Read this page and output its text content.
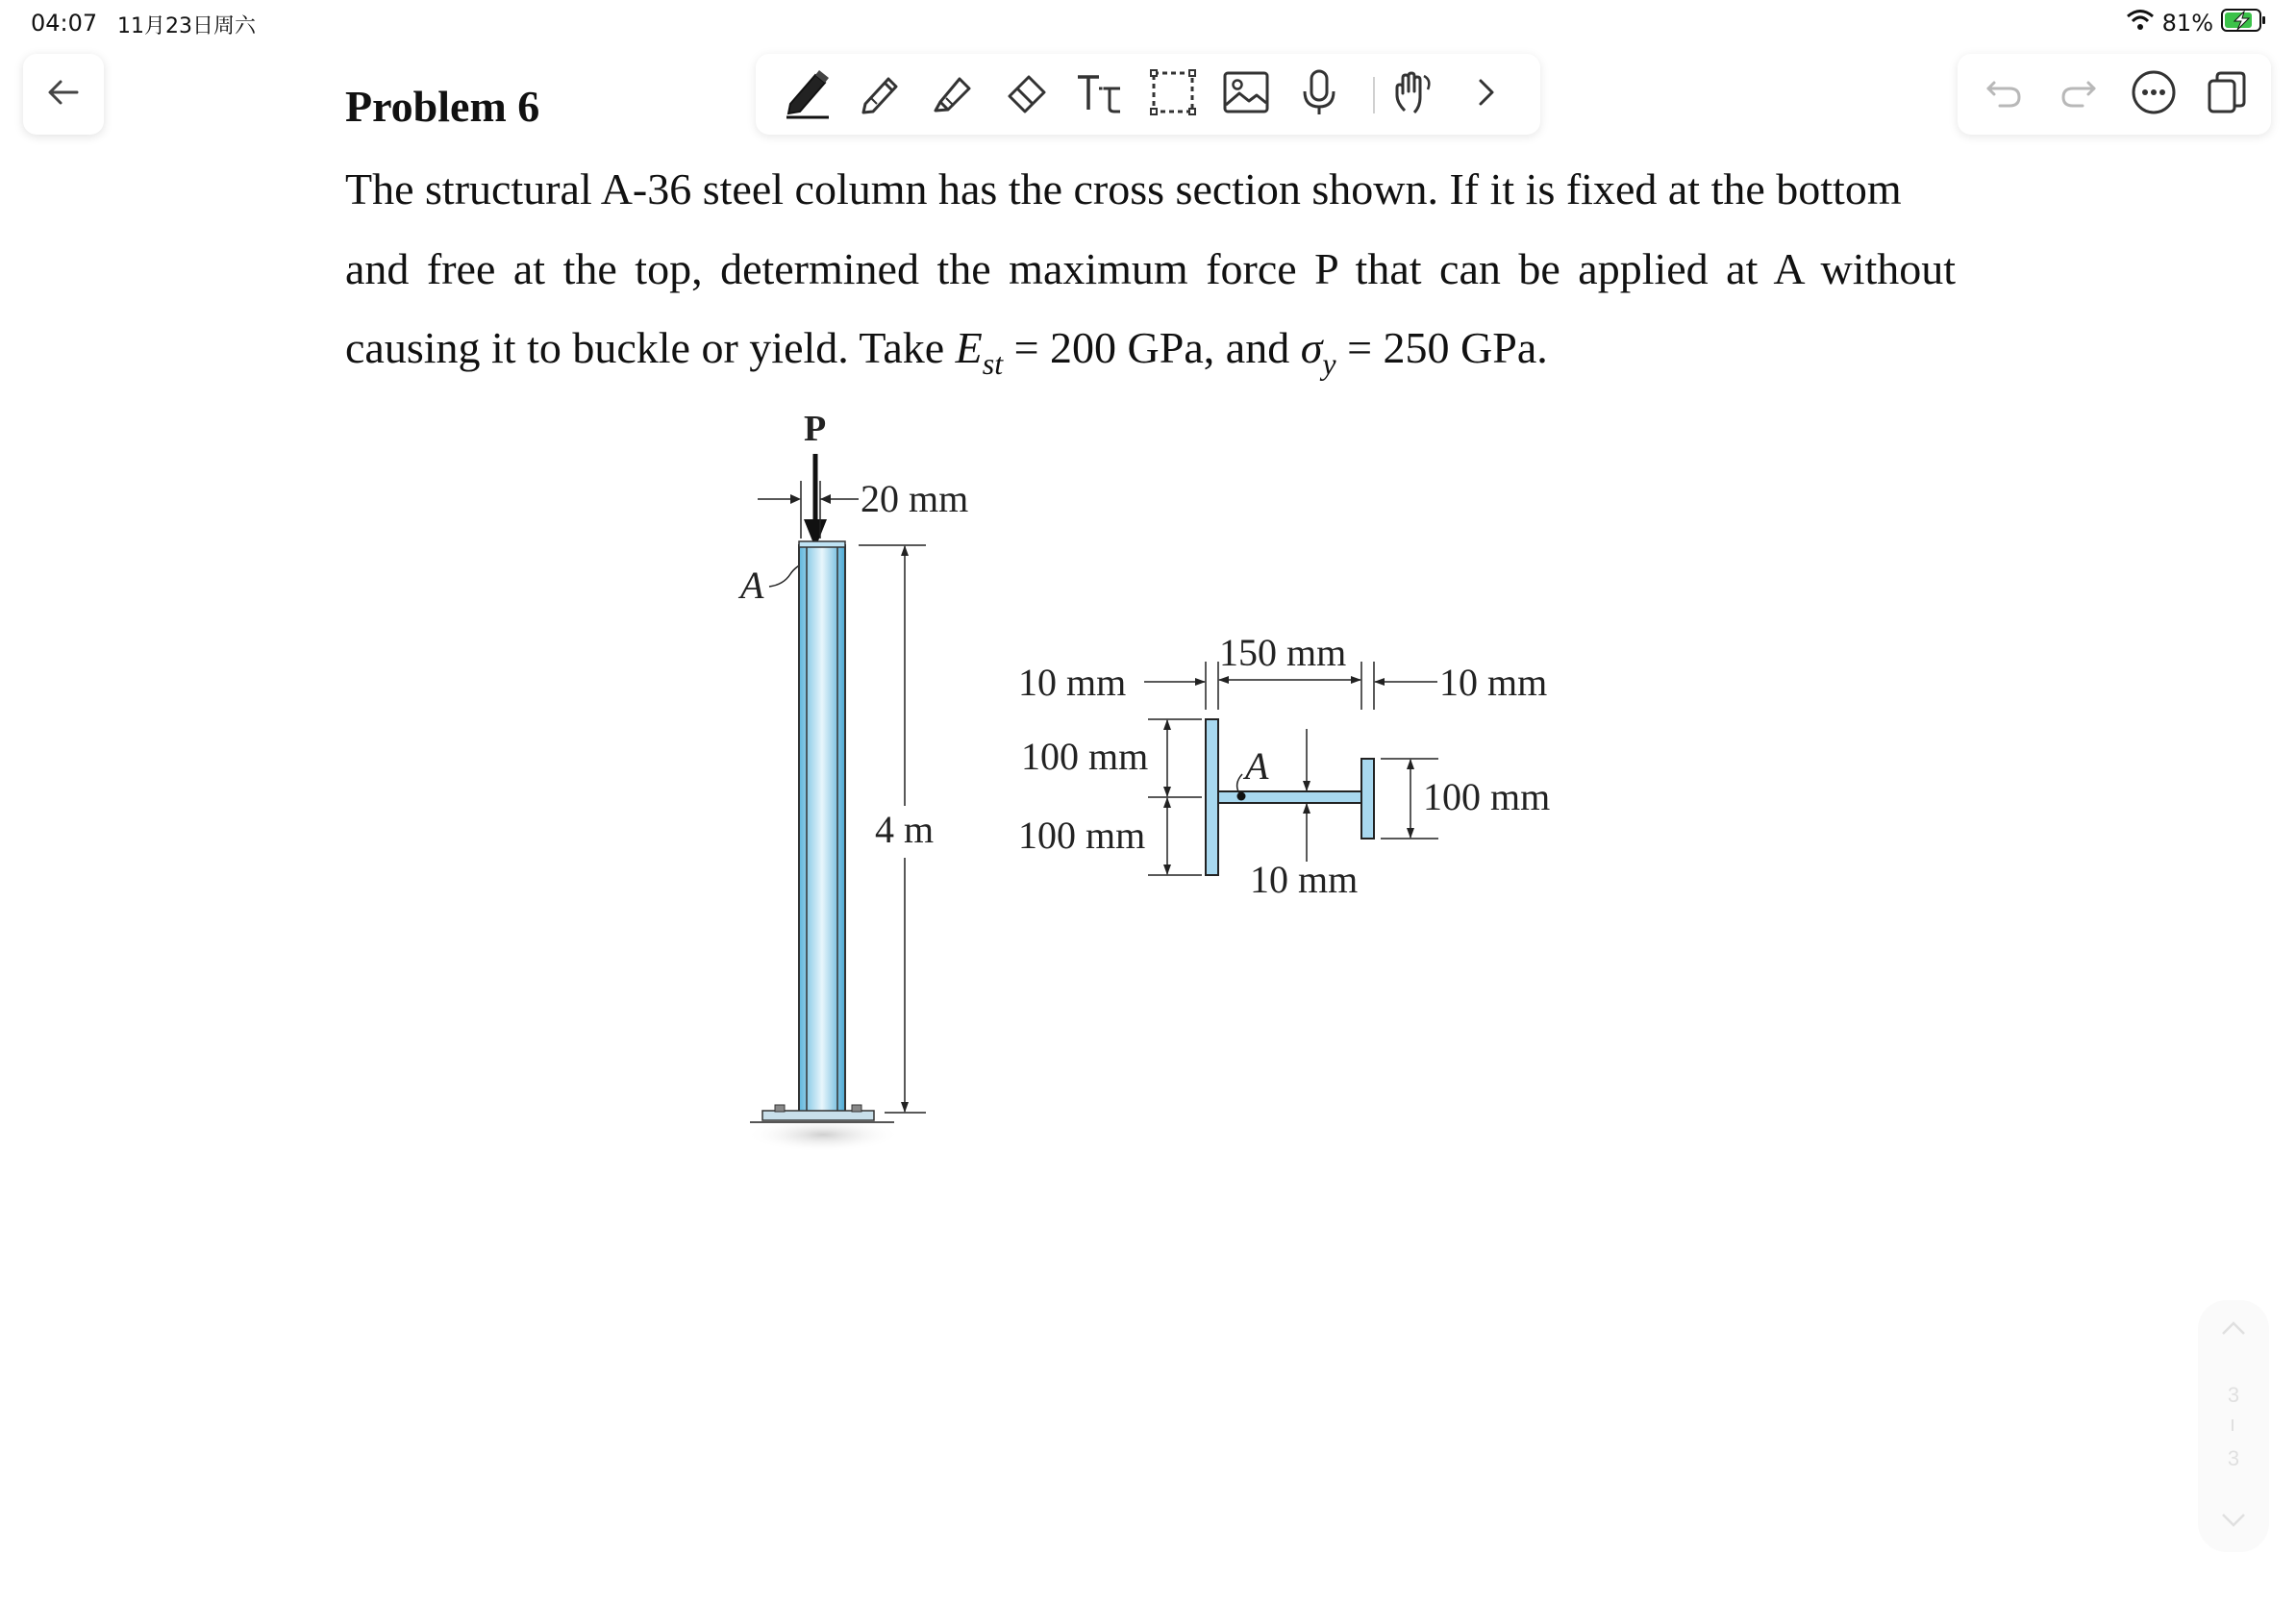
04:07 11月23日周六	81%
Problem 6
The structural A-36 steel column has the cross section shown. If it is fixed at the bottom
and free at the top, determined the maximum force P that can be applied at A without
causing it to buckle or yield. Take $E_{st} = 200$ GPa, and $\sigma_y = 250$ GPa.
P
20 mm
A
4 m
A
150 mm
10 mm	10 mm
100 mm
100 mm
100 mm
10 mm
3
3
